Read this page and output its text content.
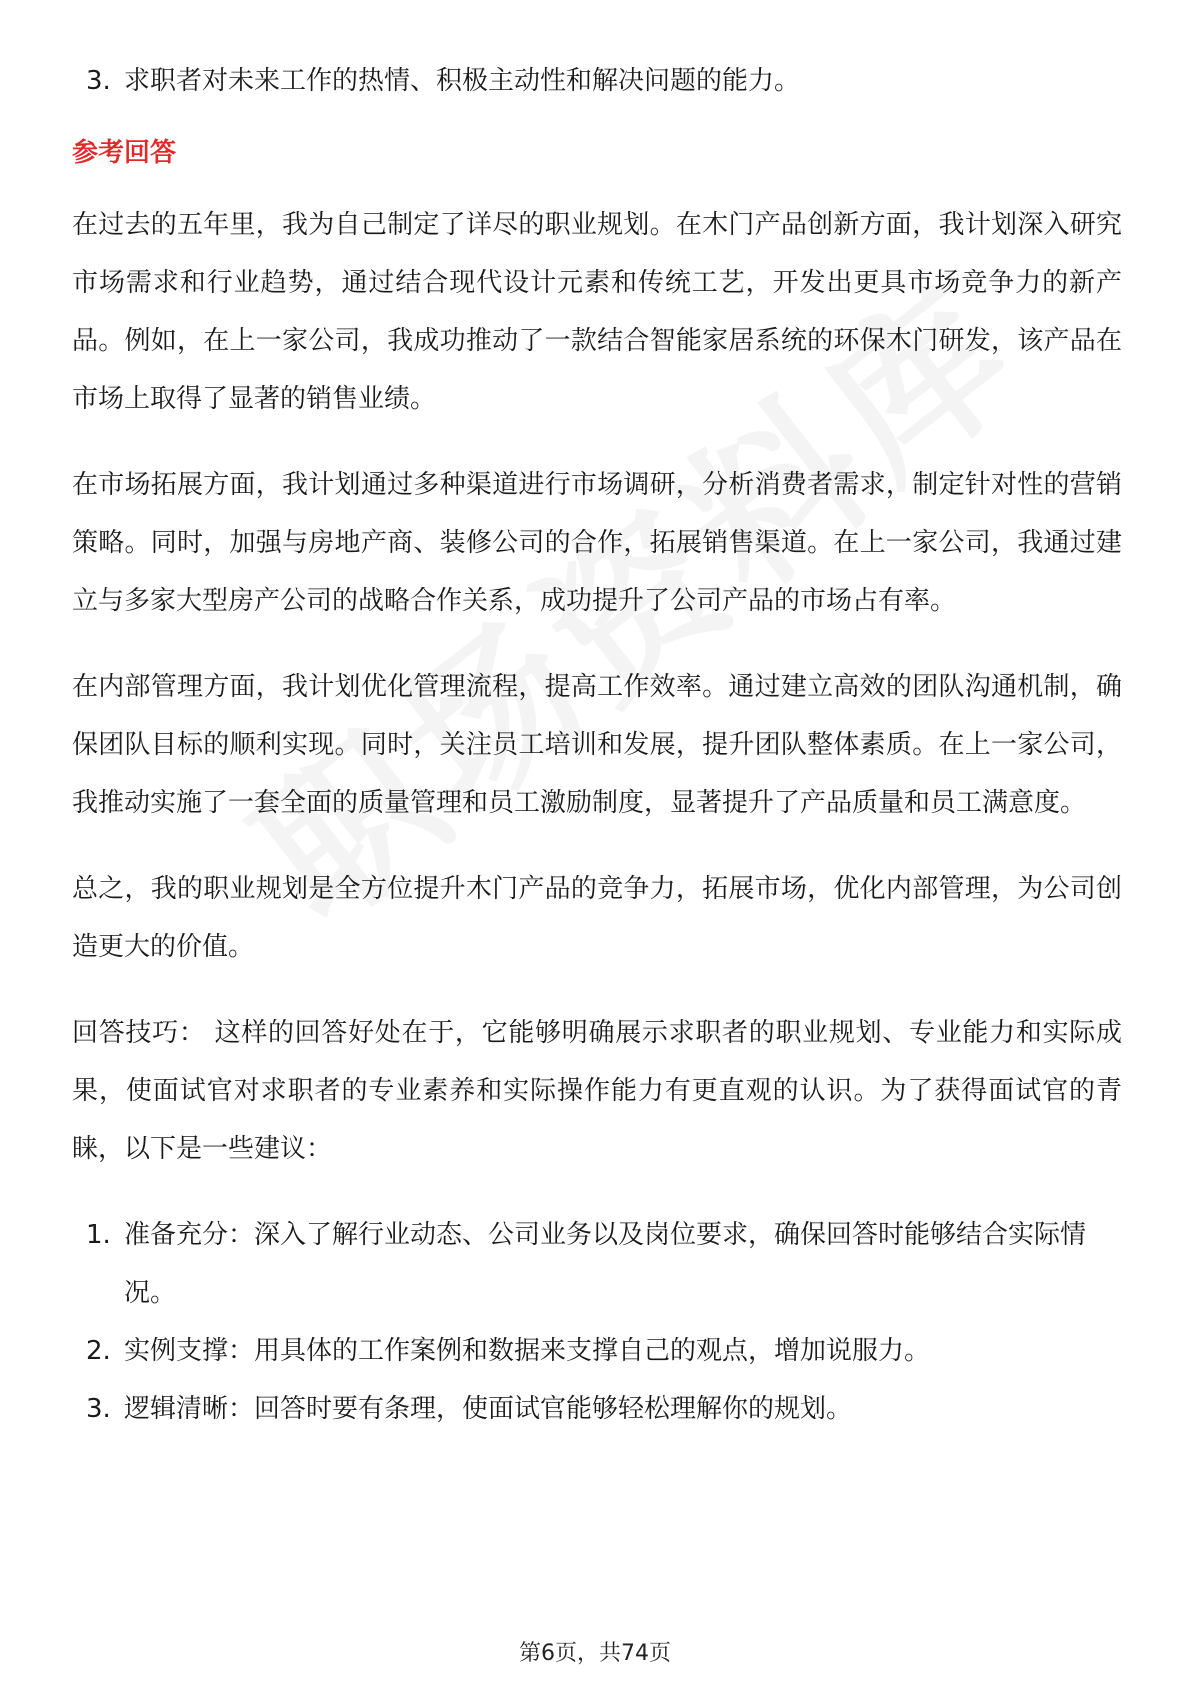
3. 求职者对未来工作的热情、积极主动性和解决问题的能力。
参考回答

在过去的五年里，我为自己制定了详尽的职业规划。在木门产品创新方面，我计划深入研究市场需求和行业趋势，通过结合现代设计元素和传统工艺，开发出更具市场竞争力的新产品。例如，在上一家公司，我成功推动了一款结合智能家居系统的环保木门研发，该产品在市场上取得了显著的销售业绩。

在市场拓展方面，我计划通过多种渠道进行市场调研，分析消费者需求，制定针对性的营销策略。同时，加强与房地产商、装修公司的合作，拓展销售渠道。在上一家公司，我通过建立与多家大型房产公司的战略合作关系，成功提升了公司产品的市场占有率。

在内部管理方面，我计划优化管理流程，提高工作效率。通过建立高效的团队沟通机制，确保团队目标的顺利实现。同时，关注员工培训和发展，提升团队整体素质。在上一家公司，我推动实施了一套全面的质量管理和员工激励制度，显著提升了产品质量和员工满意度。

总之，我的职业规划是全方位提升木门产品的竞争力，拓展市场，优化内部管理，为公司创造更大的价值。

回答技巧： 这样的回答好处在于，它能够明确展示求职者的职业规划、专业能力和实际成果，使面试官对求职者的专业素养和实际操作能力有更直观的认识。为了获得面试官的青睐，以下是一些建议：

1. 准备充分：深入了解行业动态、公司业务以及岗位要求，确保回答时能够结合实际情况。
2. 实例支撑：用具体的工作案例和数据来支撑自己的观点，增加说服力。
3. 逻辑清晰：回答时要有条理，使面试官能够轻松理解你的规划。
第6页，共74页
